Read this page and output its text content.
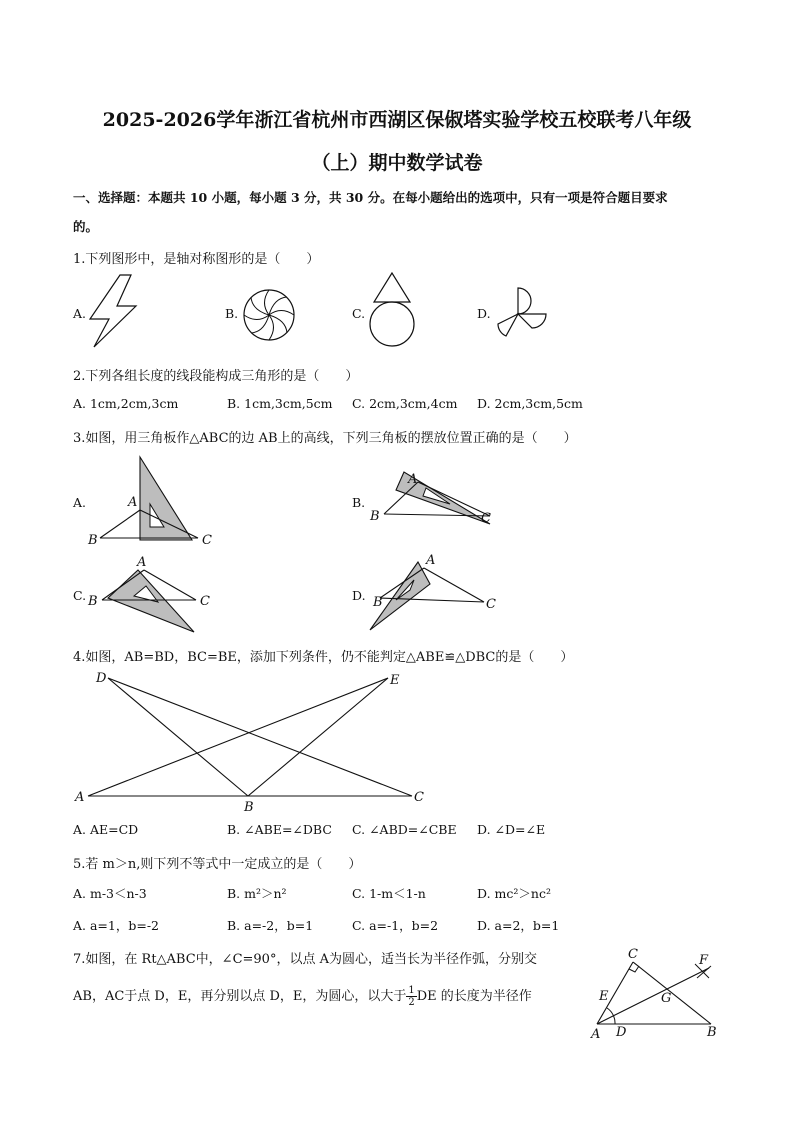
2025-2026学年浙江省杭州市西湖区保俶塔实验学校五校联考八年级
（上）期中数学试卷
一、选择题：本题共 10 小题，每小题 3 分，共 30 分。在每小题给出的选项中，只有一项是符合题目要求
的。
1.下列图形中，是轴对称图形的是（　　）
A.	B.	C.	D.
2.下列各组长度的线段能构成三角形的是（　　）
A. 1cm,2cm,3cm	B. 1cm,3cm,5cm C. 2cm,3cm,4cm D. 2cm,3cm,5cm
3.如图，用三角板作△ABC的边 AB上的高线，下列三角板的摆放位置正确的是（　　）
A.	B.
C.	D.
A
B	C
A
B	C
A
B	C
A
B	C
4.如图，AB=BD，BC=BE，添加下列条件，仍不能判定△ABE≌△DBC的是（　　）
D	E
A
B
C
A. AE=CD	B. ∠ABE=∠DBC C. ∠ABD=∠CBE D. ∠D=∠E
5.若 m＞n,则下列不等式中一定成立的是（　　）
A. m-3＜n-3	B. m²＞n²	C. 1-m＜1-n	D. mc²＞nc²
A. a=1，b=-2	B. a=-2，b=1	C. a=-1，b=2	D. a=2，b=1
7.如图，在 Rt△ABC中，∠C=90°，以点 A为圆心，适当长为半径作弧，分别交
AB，AC于点 D，E，再分别以点 D，E，为圆心，以大于 $\frac{1}{2}$ DE 的长度为半径作
C	F
E	G
A D	B
